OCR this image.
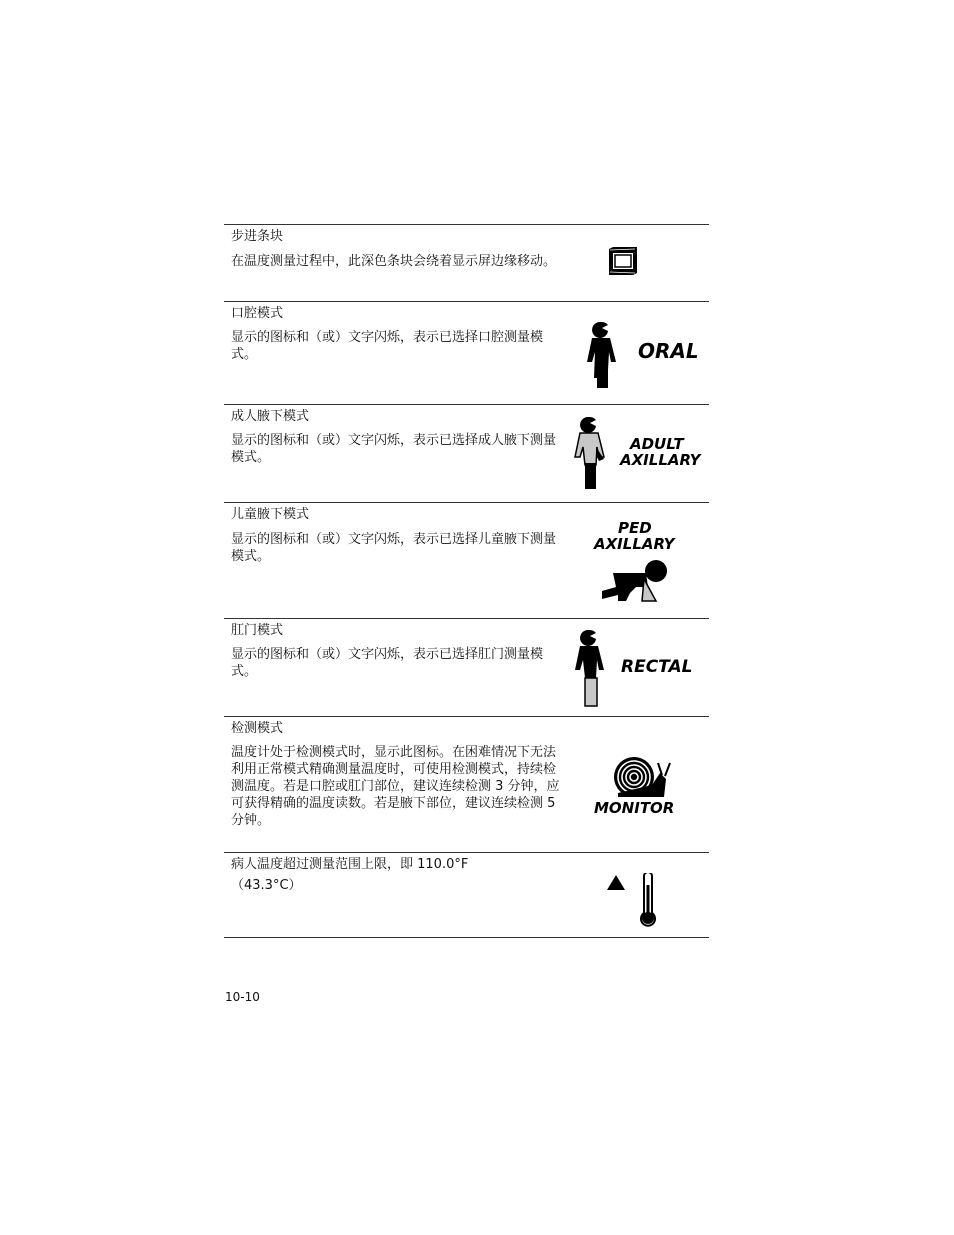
步进条块
在温度测量过程中，此深色条块会绕着显示屏边缘移动。
口腔模式
显示的图标和（或）文字闪烁，表示已选择口腔测量模式。	ORAL
成人腋下模式
显示的图标和（或）文字闪烁，表示已选择成人腋下测量模式。
ADULT
AXILLARY
儿童腋下模式
显示的图标和（或）文字闪烁，表示已选择儿童腋下测量模式。
PED
AXILLARY
肛门模式
显示的图标和（或）文字闪烁，表示已选择肛门测量模式。	RECTAL
检测模式
温度计处于检测模式时，显示此图标。在困难情况下无法利用正常模式精确测量温度时，可使用检测模式，持续检测温度。若是口腔或肛门部位，建议连续检测 3 分钟，应可获得精确的温度读数。若是腋下部位，建议连续检测 5 分钟。
MONITOR
病人温度超过测量范围上限，即 110.0°F
（43.3°C）
10-10
